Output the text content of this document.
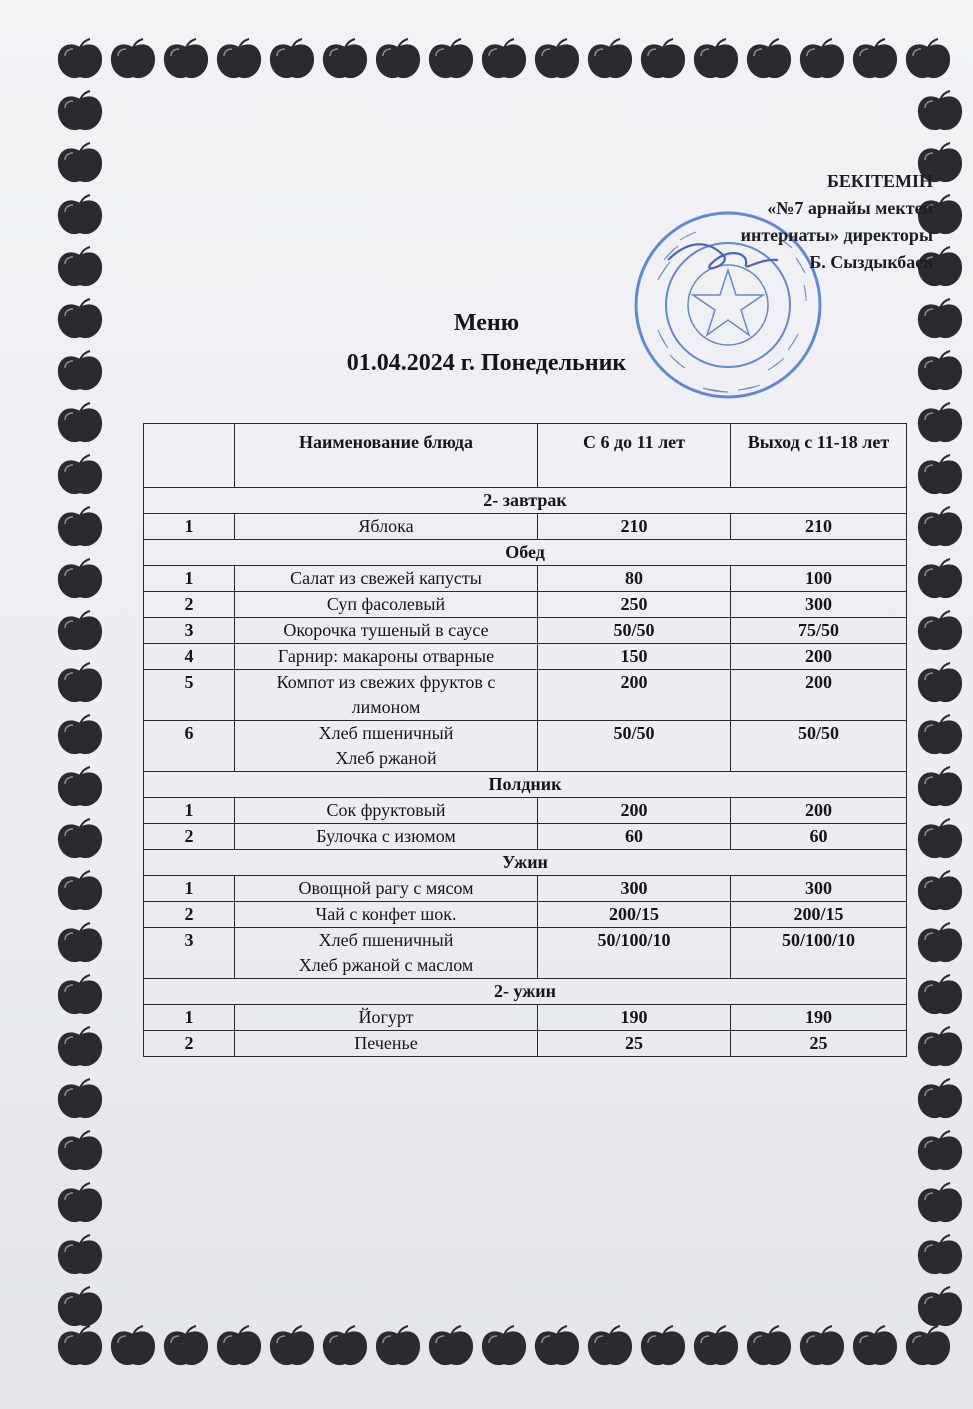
БЕКІТЕМІН
«№7 арнайы мектеп
интернаты» директоры
Б. Сыздыкбаев
Меню
01.04.2024 г. Понедельник
	Наименование блюда	С 6 до 11 лет	Выход с 11-18 лет
2- завтрак			
1	Яблока	210	210
Обед			
1	Салат из свежей капусты	80	100
2	Суп фасолевый	250	300
3	Окорочка тушеный в саусе	50/50	75/50
4	Гарнир: макароны отварные	150	200
5	Компот из свежих фруктов с лимоном	200	200
6	Хлеб пшеничный
Хлеб ржаной	50/50	50/50
Полдник			
1	Сок фруктовый	200	200
2	Булочка с изюмом	60	60
Ужин			
1	Овощной рагу с мясом	300	300
2	Чай с конфет шок.	200/15	200/15
3	Хлеб пшеничный
Хлеб ржаной с маслом	50/100/10	50/100/10
2- ужин			
1	Йогурт	190	190
2	Печенье	25	25
